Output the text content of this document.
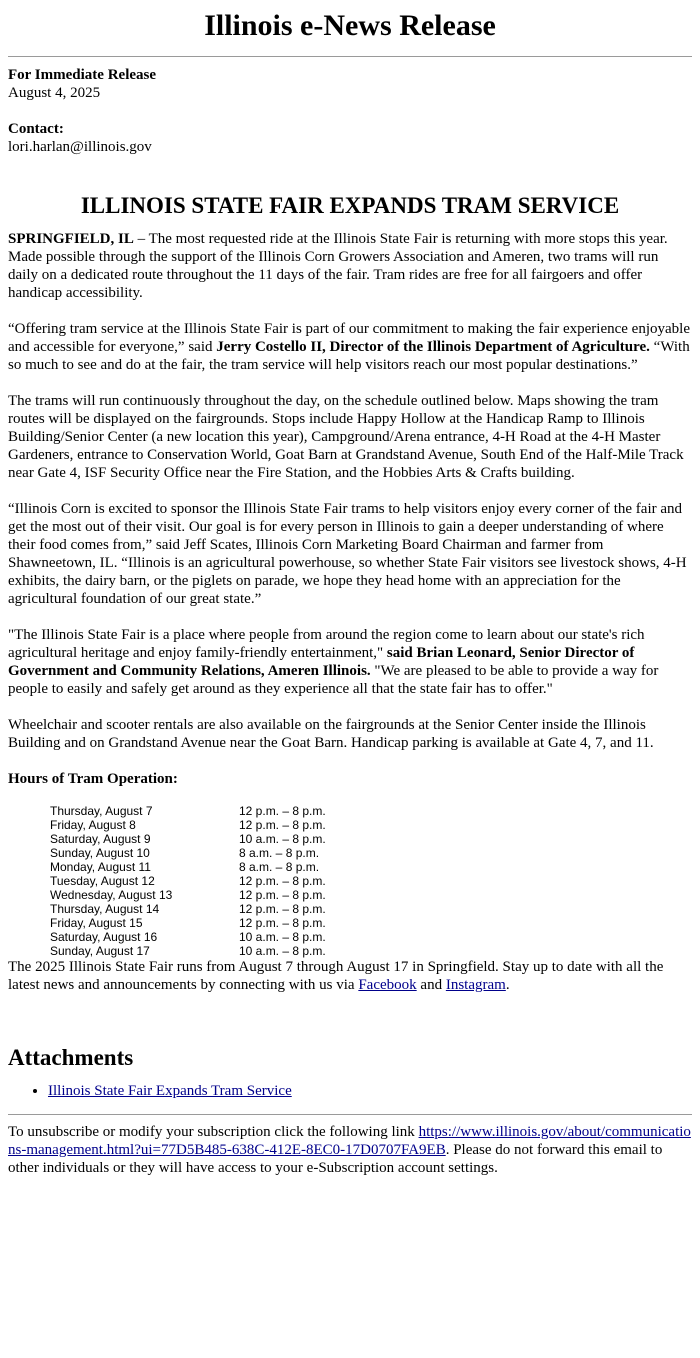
Illinois e-News Release

For Immediate Release

August 4, 2025

Contact:

lori.harlan@illinois.gov

ILLINOIS STATE FAIR EXPANDS TRAM SERVICE

SPRINGFIELD, IL – The most requested ride at the Illinois State Fair is returning with more stops this year. Made possible through the support of the Illinois Corn Growers Association and Ameren, two trams will run daily on a dedicated route throughout the 11 days of the fair. Tram rides are free for all fairgoers and offer handicap accessibility.

“Offering tram service at the Illinois State Fair is part of our commitment to making the fair experience enjoyable and accessible for everyone,” said Jerry Costello II, Director of the Illinois Department of Agriculture. “With so much to see and do at the fair, the tram service will help visitors reach our most popular destinations.”

The trams will run continuously throughout the day, on the schedule outlined below. Maps showing the tram routes will be displayed on the fairgrounds. Stops include Happy Hollow at the Handicap Ramp to Illinois Building/Senior Center (a new location this year), Campground/Arena entrance, 4-H Road at the 4-H Master Gardeners, entrance to Conservation World, Goat Barn at Grandstand Avenue, South End of the Half-Mile Track near Gate 4, ISF Security Office near the Fire Station, and the Hobbies Arts & Crafts building.

“Illinois Corn is excited to sponsor the Illinois State Fair trams to help visitors enjoy every corner of the fair and get the most out of their visit. Our goal is for every person in Illinois to gain a deeper understanding of where their food comes from,” said Jeff Scates, Illinois Corn Marketing Board Chairman and farmer from Shawneetown, IL. “Illinois is an agricultural powerhouse, so whether State Fair visitors see livestock shows, 4-H exhibits, the dairy barn, or the piglets on parade, we hope they head home with an appreciation for the agricultural foundation of our great state.”

"The Illinois State Fair is a place where people from around the region come to learn about our state's rich agricultural heritage and enjoy family-friendly entertainment," said Brian Leonard, Senior Director of Government and Community Relations, Ameren Illinois. "We are pleased to be able to provide a way for people to easily and safely get around as they experience all that the state fair has to offer."

Wheelchair and scooter rentals are also available on the fairgrounds at the Senior Center inside the Illinois Building and on Grandstand Avenue near the Goat Barn. Handicap parking is available at Gate 4, 7, and 11.

Hours of Tram Operation:

Thursday, August 7	12 p.m. – 8 p.m.
Friday, August 8	12 p.m. – 8 p.m.
Saturday, August 9	10 a.m. – 8 p.m.
Sunday, August 10	8 a.m. – 8 p.m.
Monday, August 11	8 a.m. – 8 p.m.
Tuesday, August 12	12 p.m. – 8 p.m.
Wednesday, August 13	12 p.m. – 8 p.m.
Thursday, August 14	12 p.m. – 8 p.m.
Friday, August 15	12 p.m. – 8 p.m.
Saturday, August 16	10 a.m. – 8 p.m.
Sunday, August 17	10 a.m. – 8 p.m.

The 2025 Illinois State Fair runs from August 7 through August 17 in Springfield. Stay up to date with all the latest news and announcements by connecting with us via Facebook and Instagram.

Attachments
• Illinois State Fair Expands Tram Service
To unsubscribe or modify your subscription click the following link https://www.illinois.gov/about/communications-management.html?ui=77D5B485-638C-412E-8EC0-17D0707FA9EB. Please do not forward this email to other individuals or they will have access to your e-Subscription account settings.
